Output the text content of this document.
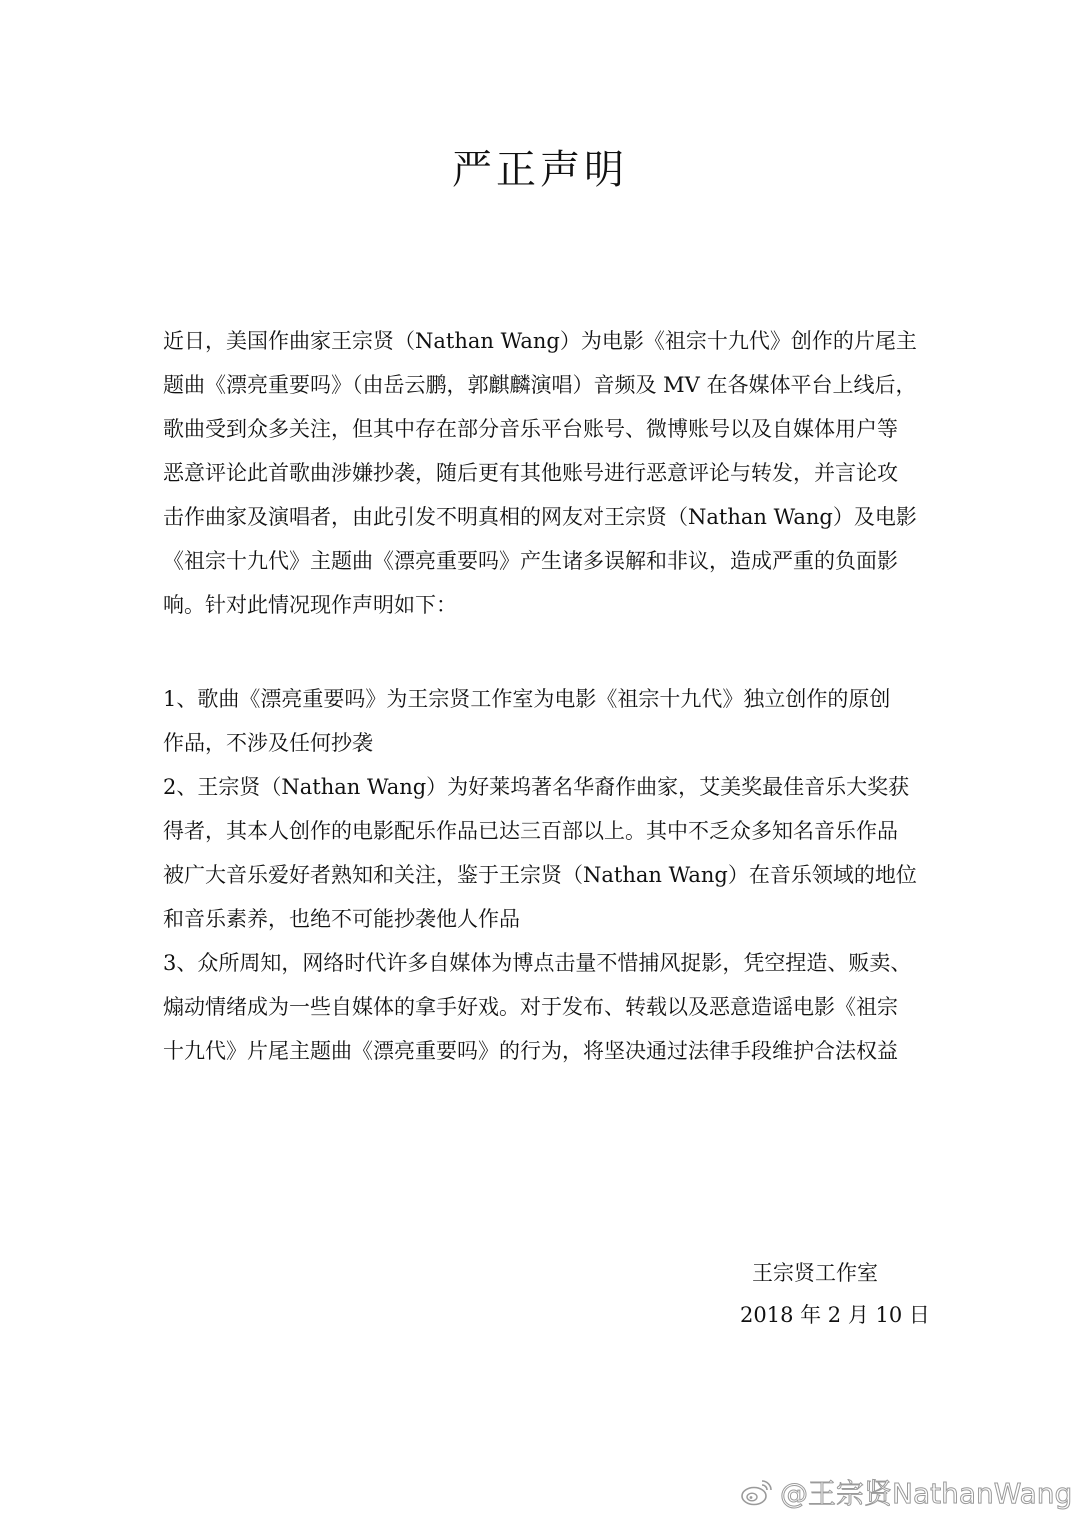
严正声明
近日，美国作曲家王宗贤（Nathan Wang）为电影《祖宗十九代》创作的片尾主
题曲《漂亮重要吗》（由岳云鹏，郭麒麟演唱）音频及 MV 在各媒体平台上线后，
歌曲受到众多关注，但其中存在部分音乐平台账号、微博账号以及自媒体用户等
恶意评论此首歌曲涉嫌抄袭，随后更有其他账号进行恶意评论与转发，并言论攻
击作曲家及演唱者，由此引发不明真相的网友对王宗贤（Nathan Wang）及电影
《祖宗十九代》主题曲《漂亮重要吗》产生诸多误解和非议，造成严重的负面影
响。针对此情况现作声明如下：
1、歌曲《漂亮重要吗》为王宗贤工作室为电影《祖宗十九代》独立创作的原创
作品，不涉及任何抄袭
2、王宗贤（Nathan Wang）为好莱坞著名华裔作曲家，艾美奖最佳音乐大奖获
得者，其本人创作的电影配乐作品已达三百部以上。其中不乏众多知名音乐作品
被广大音乐爱好者熟知和关注，鉴于王宗贤（Nathan Wang）在音乐领域的地位
和音乐素养，也绝不可能抄袭他人作品
3、众所周知，网络时代许多自媒体为博点击量不惜捕风捉影，凭空捏造、贩卖、
煽动情绪成为一些自媒体的拿手好戏。对于发布、转载以及恶意造谣电影《祖宗
十九代》片尾主题曲《漂亮重要吗》的行为，将坚决通过法律手段维护合法权益
王宗贤工作室
2018 年 2 月 10 日
@王宗贤NathanWang
